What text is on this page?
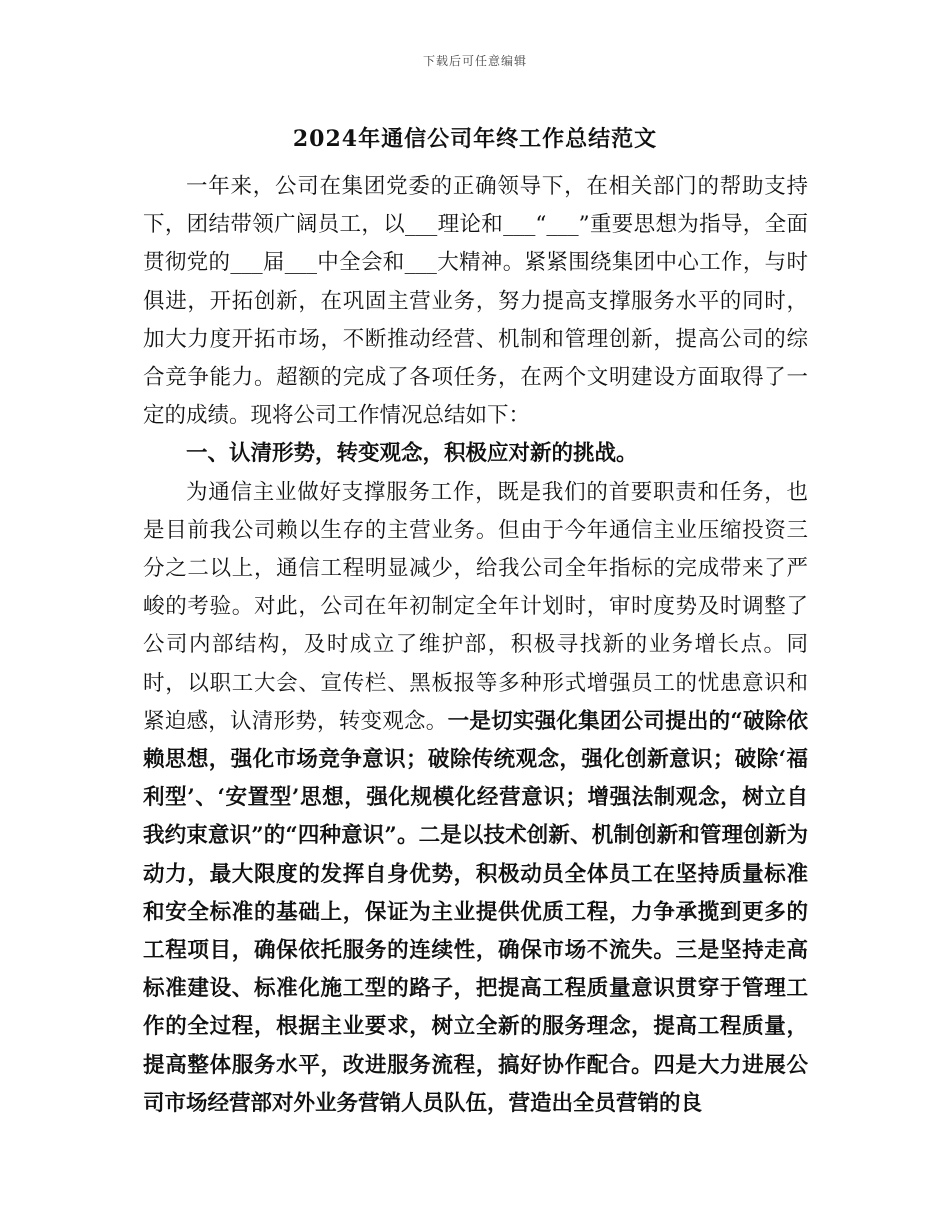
下载后可任意编辑
2024年通信公司年终工作总结范文

一年来，公司在集团党委的正确领导下，在相关部门的帮助支持下，团结带领广阔员工，以___理论和___“___”重要思想为指导，全面贯彻党的___届___中全会和___大精神。紧紧围绕集团中心工作，与时俱进，开拓创新，在巩固主营业务，努力提高支撑服务水平的同时，加大力度开拓市场，不断推动经营、机制和管理创新，提高公司的综合竞争能力。超额的完成了各项任务，在两个文明建设方面取得了一定的成绩。现将公司工作情况总结如下：

一、认清形势，转变观念，积极应对新的挑战。

为通信主业做好支撑服务工作，既是我们的首要职责和任务，也是目前我公司赖以生存的主营业务。但由于今年通信主业压缩投资三分之二以上，通信工程明显减少，给我公司全年指标的完成带来了严峻的考验。对此，公司在年初制定全年计划时，审时度势及时调整了公司内部结构，及时成立了维护部，积极寻找新的业务增长点。同时，以职工大会、宣传栏、黑板报等多种形式增强员工的忧患意识和紧迫感，认清形势，转变观念。一是切实强化集团公司提出的“破除依赖思想，强化市场竞争意识；破除传统观念，强化创新意识；破除‘福利型’、‘安置型’思想，强化规模化经营意识；增强法制观念，树立自我约束意识”的“四种意识”。二是以技术创新、机制创新和管理创新为动力，最大限度的发挥自身优势，积极动员全体员工在坚持质量标准和安全标准的基础上，保证为主业提供优质工程，力争承揽到更多的工程项目，确保依托服务的连续性，确保市场不流失。三是坚持走高标准建设、标准化施工型的路子，把提高工程质量意识贯穿于管理工作的全过程，根据主业要求，树立全新的服务理念，提高工程质量，提高整体服务水平，改进服务流程，搞好协作配合。四是大力进展公司市场经营部对外业务营销人员队伍，营造出全员营销的良
